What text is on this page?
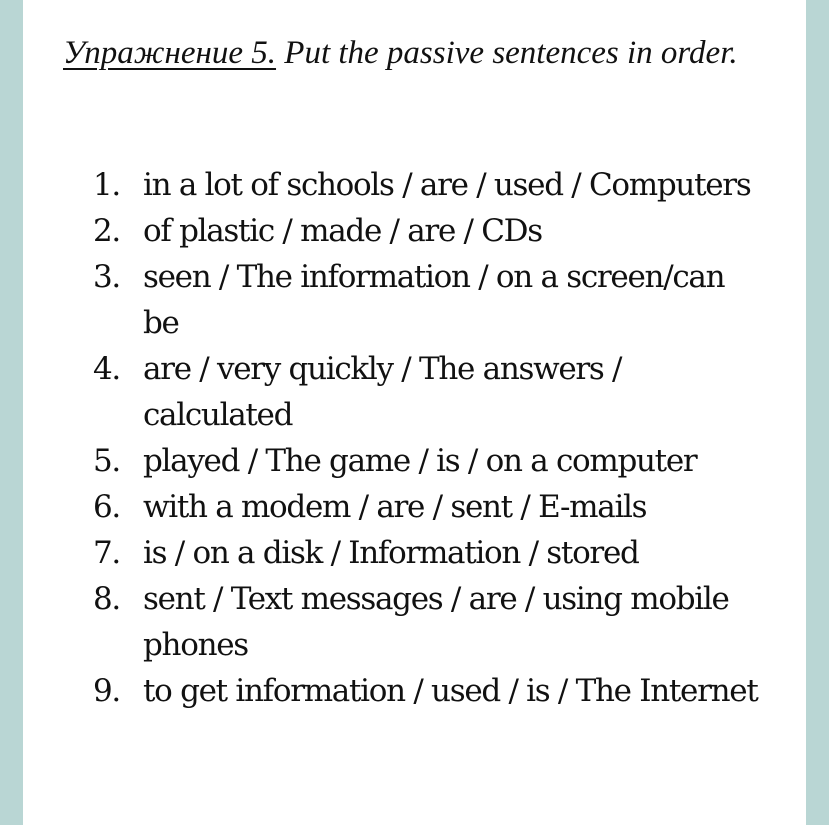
Упражнение 5. Put the passive sentences in order.

1. in a lot of schools / are / used / Computers
2. of plastic / made / are / CDs
3. seen / The information / on a screen/can be
4. are / very quickly / The answers / calculated
5. played / The game / is / on a computer
6. with a modem / are / sent / E-mails
7. is / on a disk / Information / stored
8. sent / Text messages / are / using mobile phones
9. to get information / used / is / The Internet
